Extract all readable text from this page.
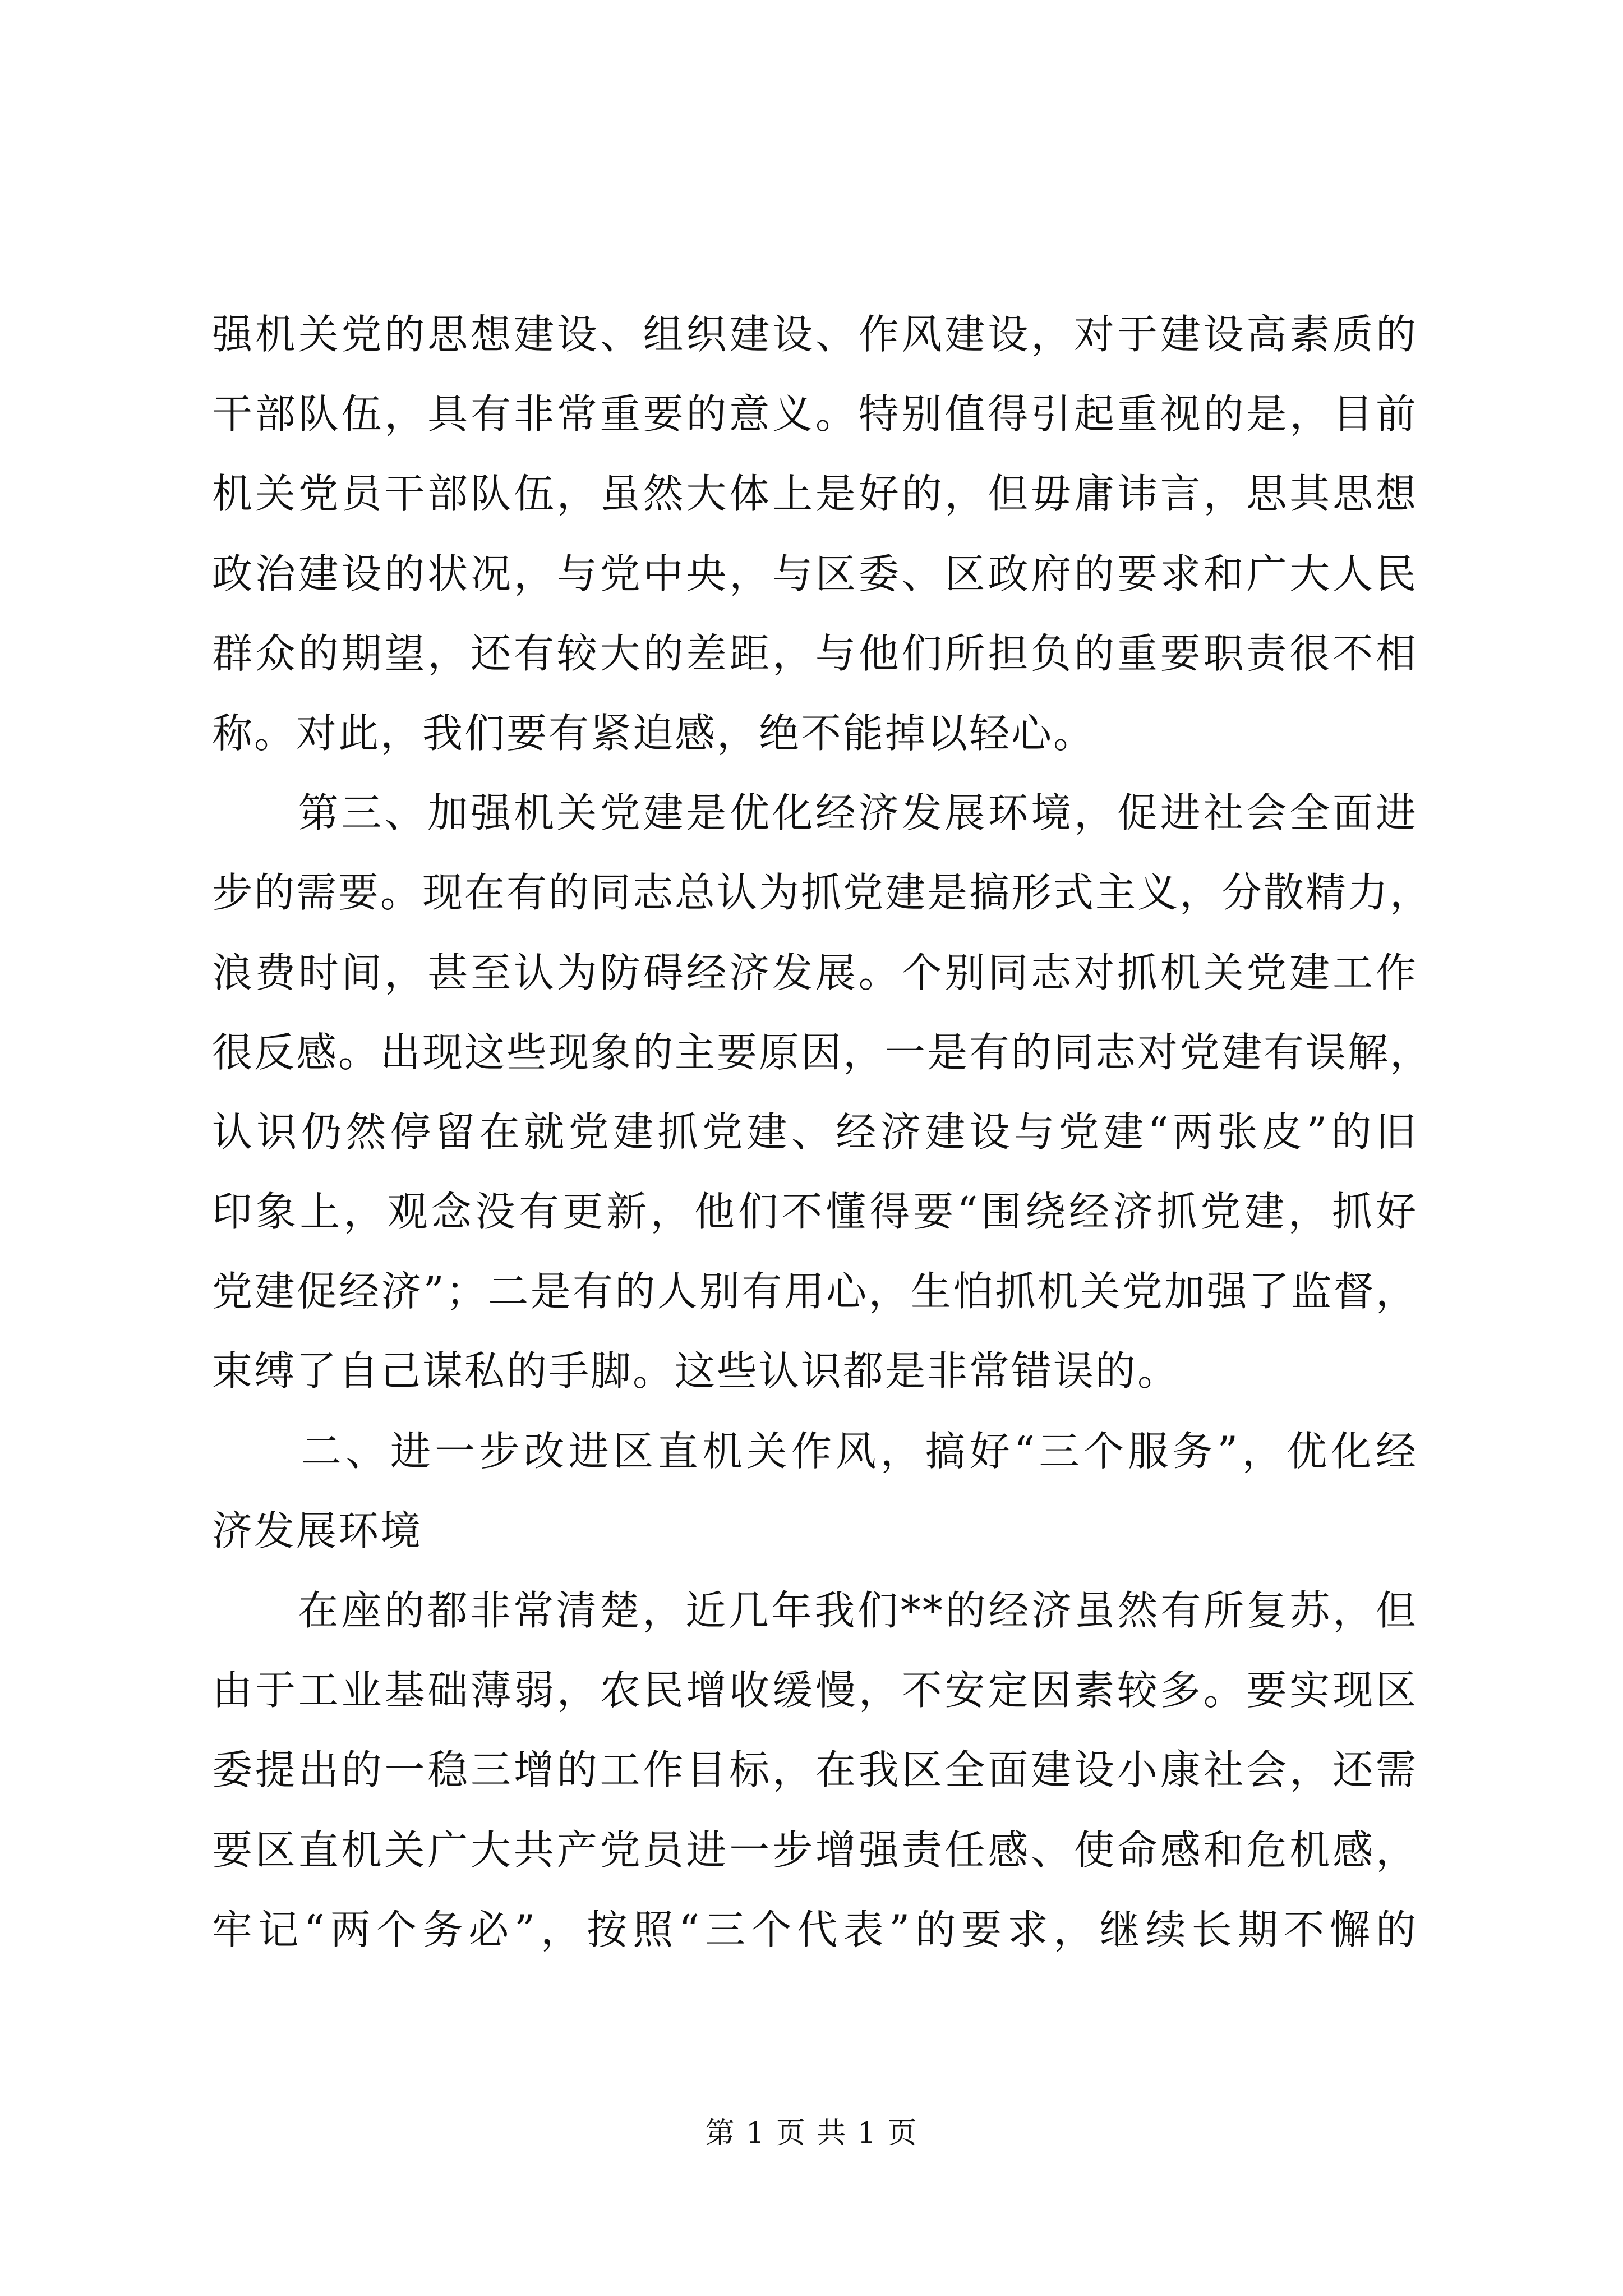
强机关党的思想建设、组织建设、作风建设，对于建设高素质的
干部队伍，具有非常重要的意义。特别值得引起重视的是，目前
机关党员干部队伍，虽然大体上是好的，但毋庸讳言，思其思想
政治建设的状况，与党中央，与区委、区政府的要求和广大人民
群众的期望，还有较大的差距，与他们所担负的重要职责很不相
称。对此，我们要有紧迫感，绝不能掉以轻心。
　　第三、加强机关党建是优化经济发展环境，促进社会全面进
步的需要。现在有的同志总认为抓党建是搞形式主义，分散精力，
浪费时间，甚至认为防碍经济发展。个别同志对抓机关党建工作
很反感。出现这些现象的主要原因，一是有的同志对党建有误解，
认识仍然停留在就党建抓党建、经济建设与党建“两张皮”的旧
印象上，观念没有更新，他们不懂得要“围绕经济抓党建，抓好
党建促经济”；二是有的人别有用心，生怕抓机关党加强了监督，
束缚了自己谋私的手脚。这些认识都是非常错误的。
　　二、进一步改进区直机关作风，搞好“三个服务”，优化经
济发展环境
　　在座的都非常清楚，近几年我们**的经济虽然有所复苏，但
由于工业基础薄弱，农民增收缓慢，不安定因素较多。要实现区
委提出的一稳三增的工作目标，在我区全面建设小康社会，还需
要区直机关广大共产党员进一步增强责任感、使命感和危机感，
牢记“两个务必”，按照“三个代表”的要求，继续长期不懈的
第 1 页 共 1 页
